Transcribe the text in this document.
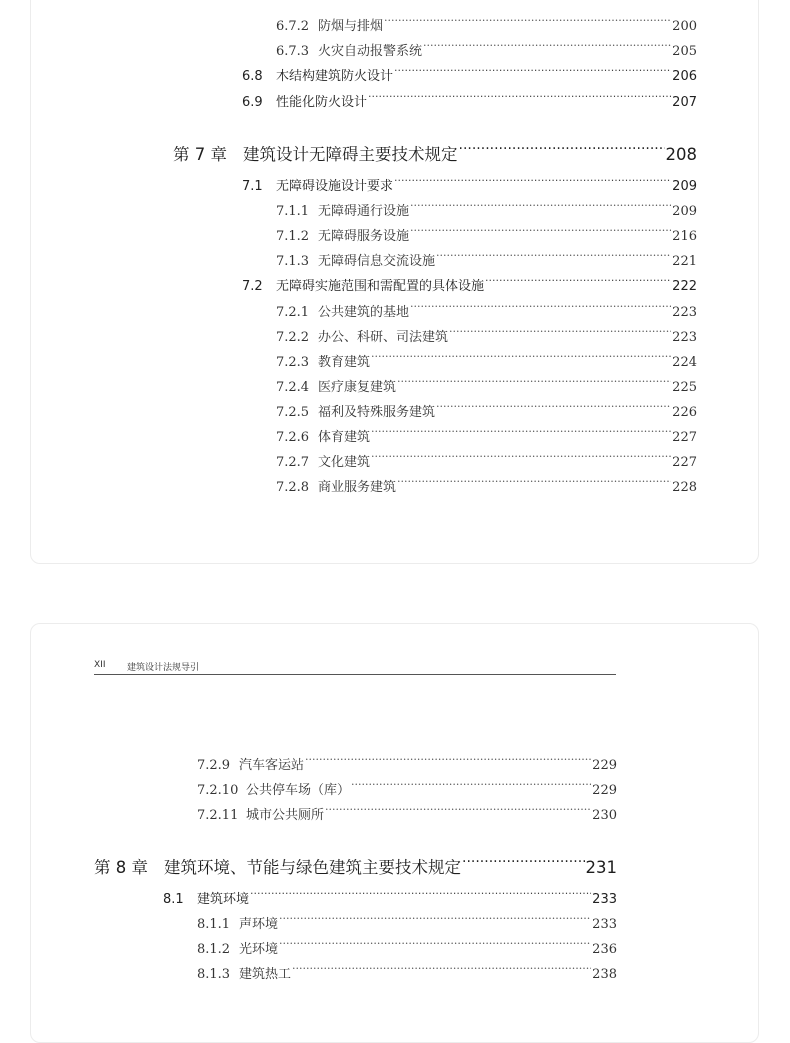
6.7.2 防烟与排烟 .....	200
6.7.3 火灾自动报警系统 .....	205
6.8	木结构建筑防火设计 .....	206
6.9	性能化防火设计 .....	207
第 7 章 建筑设计无障碍主要技术规定 .....	208
7.1	无障碍设施设计要求 .....	209
7.1.1 无障碍通行设施 .....	209
7.1.2 无障碍服务设施 .....	216
7.1.3 无障碍信息交流设施 .....	221
7.2	无障碍实施范围和需配置的具体设施 .....	222
7.2.1 公共建筑的基地 .....	223
7.2.2 办公、科研、司法建筑 .....	223
7.2.3 教育建筑 .....	224
7.2.4 医疗康复建筑 .....	225
7.2.5 福利及特殊服务建筑 .....	226
7.2.6 体育建筑 .....	227
7.2.7 文化建筑 .....	227
7.2.8 商业服务建筑 .....	228
XII 建筑设计法规导引
7.2.9 汽车客运站 .....	229
7.2.10 公共停车场（库） .....	229
7.2.11 城市公共厕所 .....	230
第 8 章 建筑环境、节能与绿色建筑主要技术规定 .....	231
8.1	建筑环境 .....	233
8.1.1 声环境 .....	233
8.1.2 光环境 .....	236
8.1.3 建筑热工 .....	238
